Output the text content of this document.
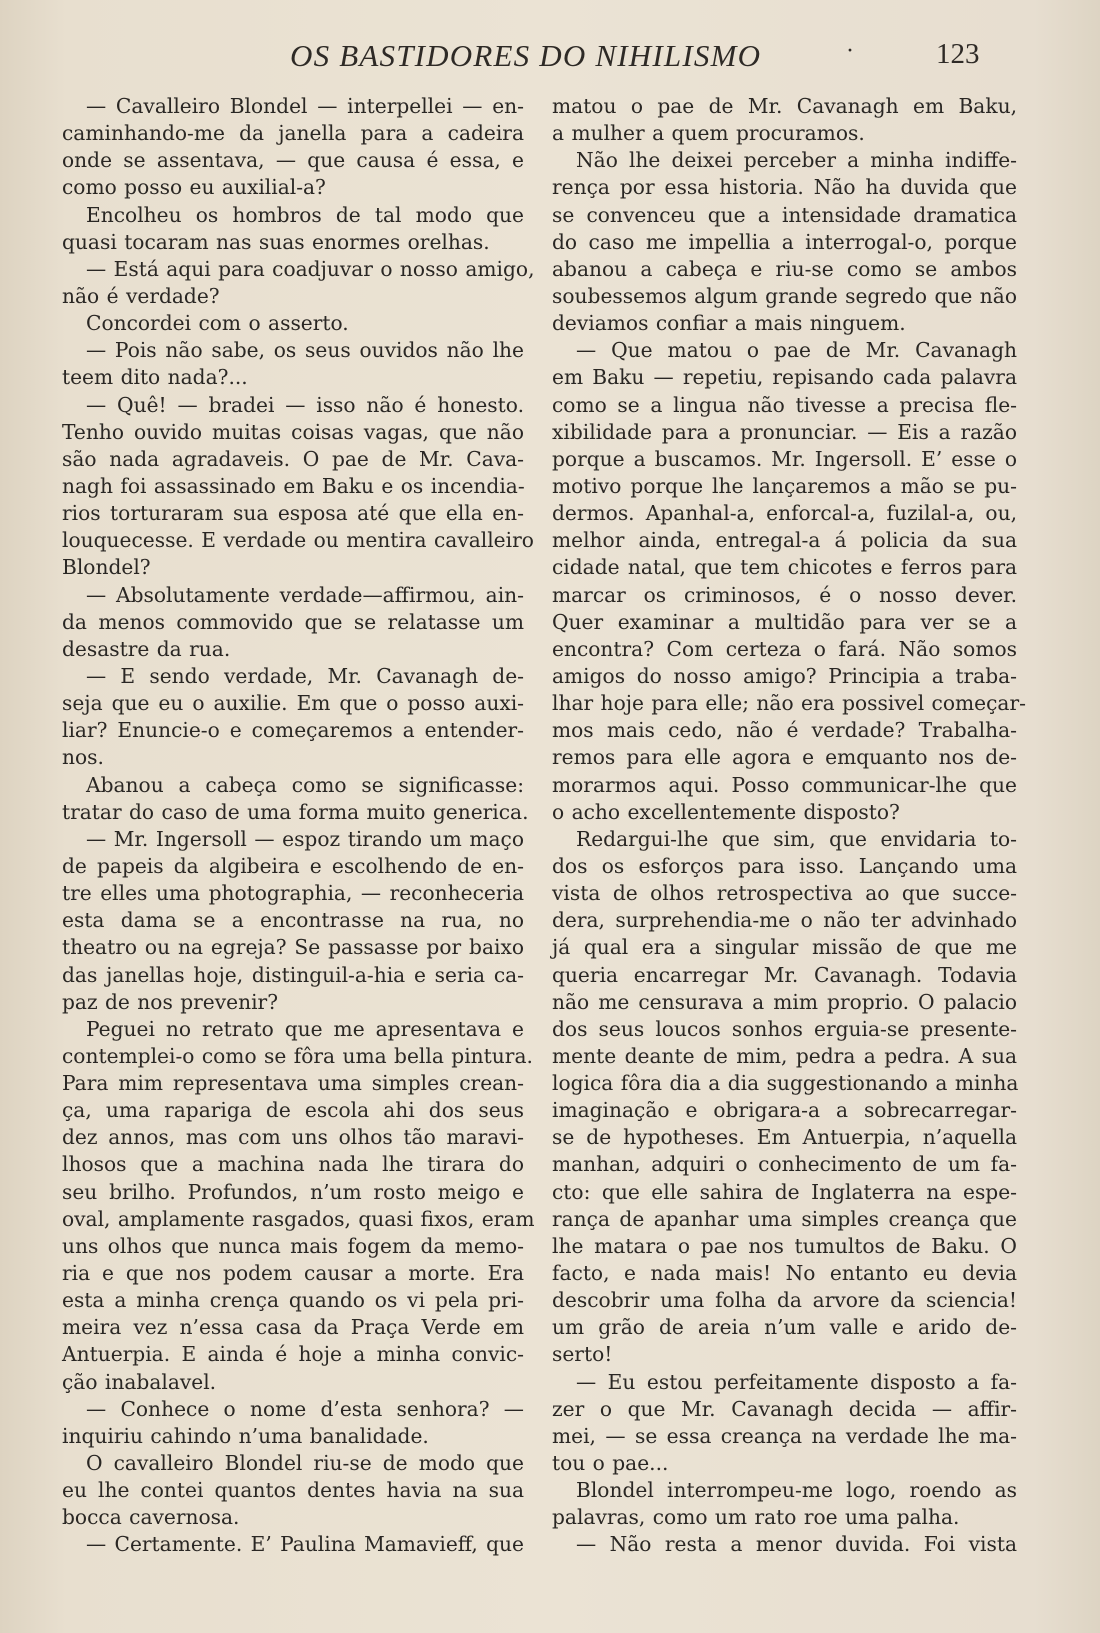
OS BASTIDORES DO NIHILISMO	·	123
— Cavalleiro Blondel — interpellei — en-
caminhando-me da janella para a cadeira
onde se assentava, — que causa é essa, e
como posso eu auxilial-a?
Encolheu os hombros de tal modo que
quasi tocaram nas suas enormes orelhas.
— Está aqui para coadjuvar o nosso amigo,
não é verdade?
Concordei com o asserto.
— Pois não sabe, os seus ouvidos não lhe
teem dito nada?...
— Quê! — bradei — isso não é honesto.
Tenho ouvido muitas coisas vagas, que não
são nada agradaveis. O pae de Mr. Cava-
nagh foi assassinado em Baku e os incendia-
rios torturaram sua esposa até que ella en-
louquecesse. E verdade ou mentira cavalleiro
Blondel?
— Absolutamente verdade—affirmou, ain-
da menos commovido que se relatasse um
desastre da rua.
— E sendo verdade, Mr. Cavanagh de-
seja que eu o auxilie. Em que o posso auxi-
liar? Enuncie-o e começaremos a entender-
nos.
Abanou a cabeça como se significasse:
tratar do caso de uma forma muito generica.
— Mr. Ingersoll — espoz tirando um maço
de papeis da algibeira e escolhendo de en-
tre elles uma photographia, — reconheceria
esta dama se a encontrasse na rua, no
theatro ou na egreja? Se passasse por baixo
das janellas hoje, distinguil-a-hia e seria ca-
paz de nos prevenir?
Peguei no retrato que me apresentava e
contemplei-o como se fôra uma bella pintura.
Para mim representava uma simples crean-
ça, uma rapariga de escola ahi dos seus
dez annos, mas com uns olhos tão maravi-
lhosos que a machina nada lhe tirara do
seu brilho. Profundos, n’um rosto meigo e
oval, amplamente rasgados, quasi fixos, eram
uns olhos que nunca mais fogem da memo-
ria e que nos podem causar a morte. Era
esta a minha crença quando os vi pela pri-
meira vez n’essa casa da Praça Verde em
Antuerpia. E ainda é hoje a minha convic-
ção inabalavel.
— Conhece o nome d’esta senhora? —
inquiriu cahindo n’uma banalidade.
O cavalleiro Blondel riu-se de modo que
eu lhe contei quantos dentes havia na sua
bocca cavernosa.
— Certamente. E’ Paulina Mamavieff, que
matou o pae de Mr. Cavanagh em Baku,
a mulher a quem procuramos.
Não lhe deixei perceber a minha indiffe-
rença por essa historia. Não ha duvida que
se convenceu que a intensidade dramatica
do caso me impellia a interrogal-o, porque
abanou a cabeça e riu-se como se ambos
soubessemos algum grande segredo que não
deviamos confiar a mais ninguem.
— Que matou o pae de Mr. Cavanagh
em Baku — repetiu, repisando cada palavra
como se a lingua não tivesse a precisa fle-
xibilidade para a pronunciar. — Eis a razão
porque a buscamos. Mr. Ingersoll. E’ esse o
motivo porque lhe lançaremos a mão se pu-
dermos. Apanhal-a, enforcal-a, fuzilal-a, ou,
melhor ainda, entregal-a á policia da sua
cidade natal, que tem chicotes e ferros para
marcar os criminosos, é o nosso dever.
Quer examinar a multidão para ver se a
encontra? Com certeza o fará. Não somos
amigos do nosso amigo? Principia a traba-
lhar hoje para elle; não era possivel começar-
mos mais cedo, não é verdade? Trabalha-
remos para elle agora e emquanto nos de-
morarmos aqui. Posso communicar-lhe que
o acho excellentemente disposto?
Redargui-lhe que sim, que envidaria to-
dos os esforços para isso. Lançando uma
vista de olhos retrospectiva ao que succe-
dera, surprehendia-me o não ter advinhado
já qual era a singular missão de que me
queria encarregar Mr. Cavanagh. Todavia
não me censurava a mim proprio. O palacio
dos seus loucos sonhos erguia-se presente-
mente deante de mim, pedra a pedra. A sua
logica fôra dia a dia suggestionando a minha
imaginação e obrigara-a a sobrecarregar-
se de hypotheses. Em Antuerpia, n’aquella
manhan, adquiri o conhecimento de um fa-
cto: que elle sahira de Inglaterra na espe-
rança de apanhar uma simples creança que
lhe matara o pae nos tumultos de Baku. O
facto, e nada mais! No entanto eu devia
descobrir uma folha da arvore da sciencia!
um grão de areia n’um valle e arido de-
serto!
— Eu estou perfeitamente disposto a fa-
zer o que Mr. Cavanagh decida — affir-
mei, — se essa creança na verdade lhe ma-
tou o pae...
Blondel interrompeu-me logo, roendo as
palavras, como um rato roe uma palha.
— Não resta a menor duvida. Foi vista
